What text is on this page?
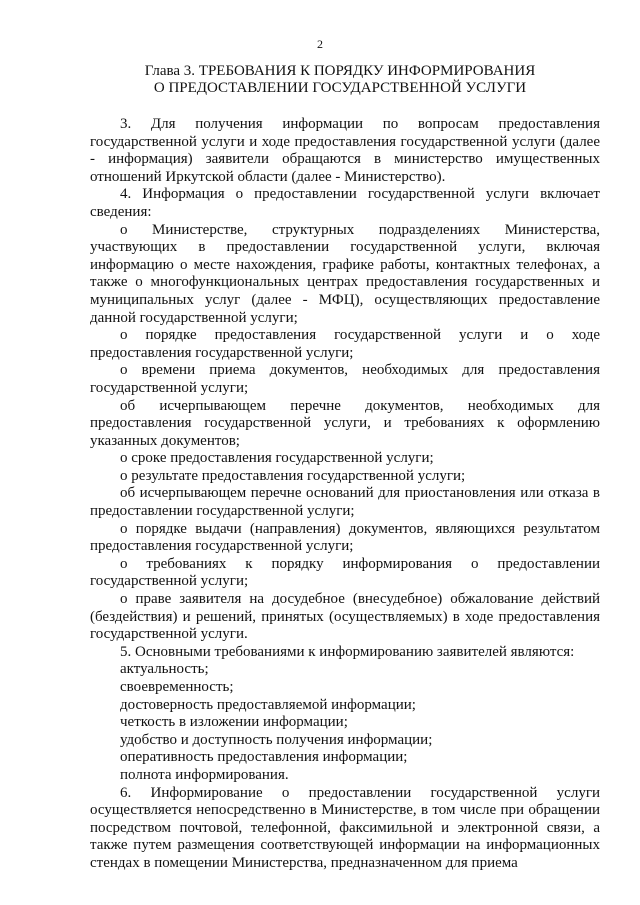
2
Глава 3. ТРЕБОВАНИЯ К ПОРЯДКУ ИНФОРМИРОВАНИЯ
О ПРЕДОСТАВЛЕНИИ ГОСУДАРСТВЕННОЙ УСЛУГИ

3. Для получения информации по вопросам предоставления государственной услуги и ходе предоставления государственной услуги (далее - информация) заявители обращаются в министерство имущественных отношений Иркутской области (далее - Министерство).

4. Информация о предоставлении государственной услуги включает сведения:

о Министерстве, структурных подразделениях Министерства, участвующих в предоставлении государственной услуги, включая информацию о месте нахождения, графике работы, контактных телефонах, а также о многофункциональных центрах предоставления государственных и муниципальных услуг (далее - МФЦ), осуществляющих предоставление данной государственной услуги;

о порядке предоставления государственной услуги и о ходе предоставления государственной услуги;

о времени приема документов, необходимых для предоставления государственной услуги;

об исчерпывающем перечне документов, необходимых для предоставления государственной услуги, и требованиях к оформлению указанных документов;

о сроке предоставления государственной услуги;

о результате предоставления государственной услуги;

об исчерпывающем перечне оснований для приостановления или отказа в предоставлении государственной услуги;

о порядке выдачи (направления) документов, являющихся результатом предоставления государственной услуги;

о требованиях к порядку информирования о предоставлении государственной услуги;

о праве заявителя на досудебное (внесудебное) обжалование действий (бездействия) и решений, принятых (осуществляемых) в ходе предоставления государственной услуги.

5. Основными требованиями к информированию заявителей являются:

актуальность;

своевременность;

достоверность предоставляемой информации;

четкость в изложении информации;

удобство и доступность получения информации;

оперативность предоставления информации;

полнота информирования.

6. Информирование о предоставлении государственной услуги осуществляется непосредственно в Министерстве, в том числе при обращении посредством почтовой, телефонной, факсимильной и электронной связи, а также путем размещения соответствующей информации на информационных стендах в помещении Министерства, предназначенном для приема
